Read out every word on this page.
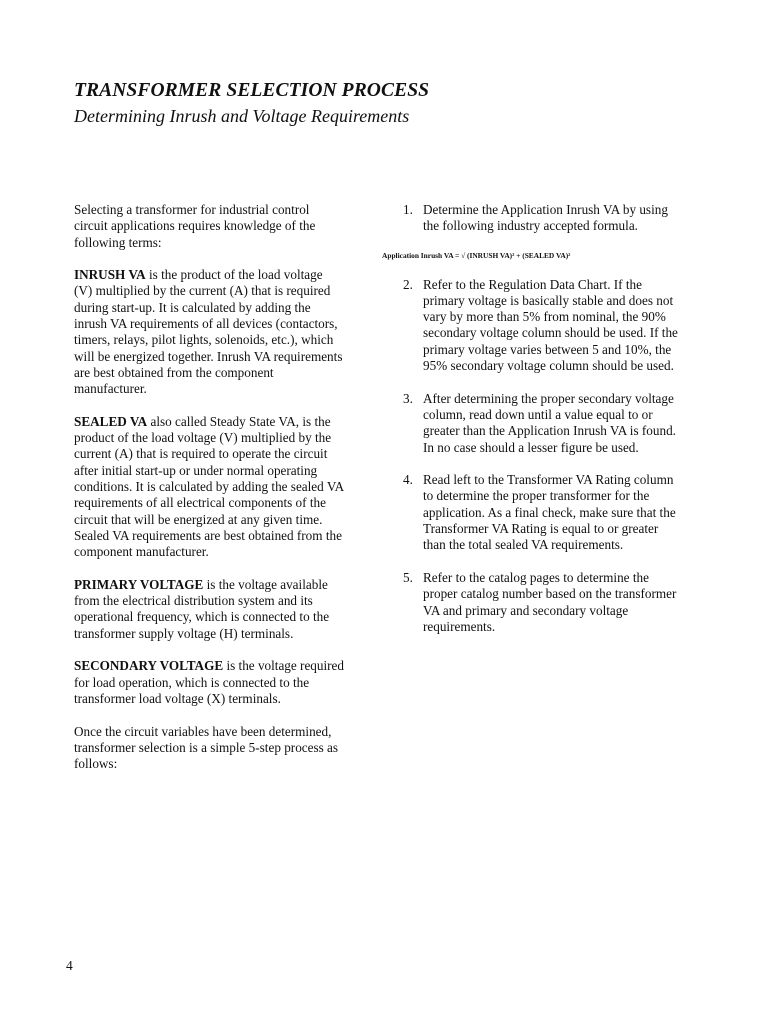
TRANSFORMER SELECTION PROCESS
Determining Inrush and Voltage Requirements

Selecting a transformer for industrial control circuit applications requires knowledge of the following terms:

INRUSH VA is the product of the load voltage (V) multiplied by the current (A) that is required during start-up. It is calculated by adding the inrush VA requirements of all devices (contactors, timers, relays, pilot lights, solenoids, etc.), which will be energized together. Inrush VA requirements are best obtained from the component manufacturer.

SEALED VA also called Steady State VA, is the product of the load voltage (V) multiplied by the current (A) that is required to operate the circuit after initial start-up or under normal operating conditions. It is calculated by adding the sealed VA requirements of all electrical components of the circuit that will be energized at any given time. Sealed VA requirements are best obtained from the component manufacturer.

PRIMARY VOLTAGE is the voltage available from the electrical distribution system and its operational frequency, which is connected to the transformer supply voltage (H) terminals.

SECONDARY VOLTAGE is the voltage required for load operation, which is connected to the transformer load voltage (X) terminals.

Once the circuit variables have been determined, transformer selection is a simple 5-step process as follows:

1. Determine the Application Inrush VA by using the following industry accepted formula.
Application Inrush VA = √ (INRUSH VA)² + (SEALED VA)²
2. Refer to the Regulation Data Chart. If the primary voltage is basically stable and does not vary by more than 5% from nominal, the 90% secondary voltage column should be used. If the primary voltage varies between 5 and 10%, the 95% secondary voltage column should be used.
3. After determining the proper secondary voltage column, read down until a value equal to or greater than the Application Inrush VA is found. In no case should a lesser figure be used.
4. Read left to the Transformer VA Rating column to determine the proper transformer for the application. As a final check, make sure that the Transformer VA Rating is equal to or greater than the total sealed VA requirements.
5. Refer to the catalog pages to determine the proper catalog number based on the transformer VA and primary and secondary voltage requirements.
4
